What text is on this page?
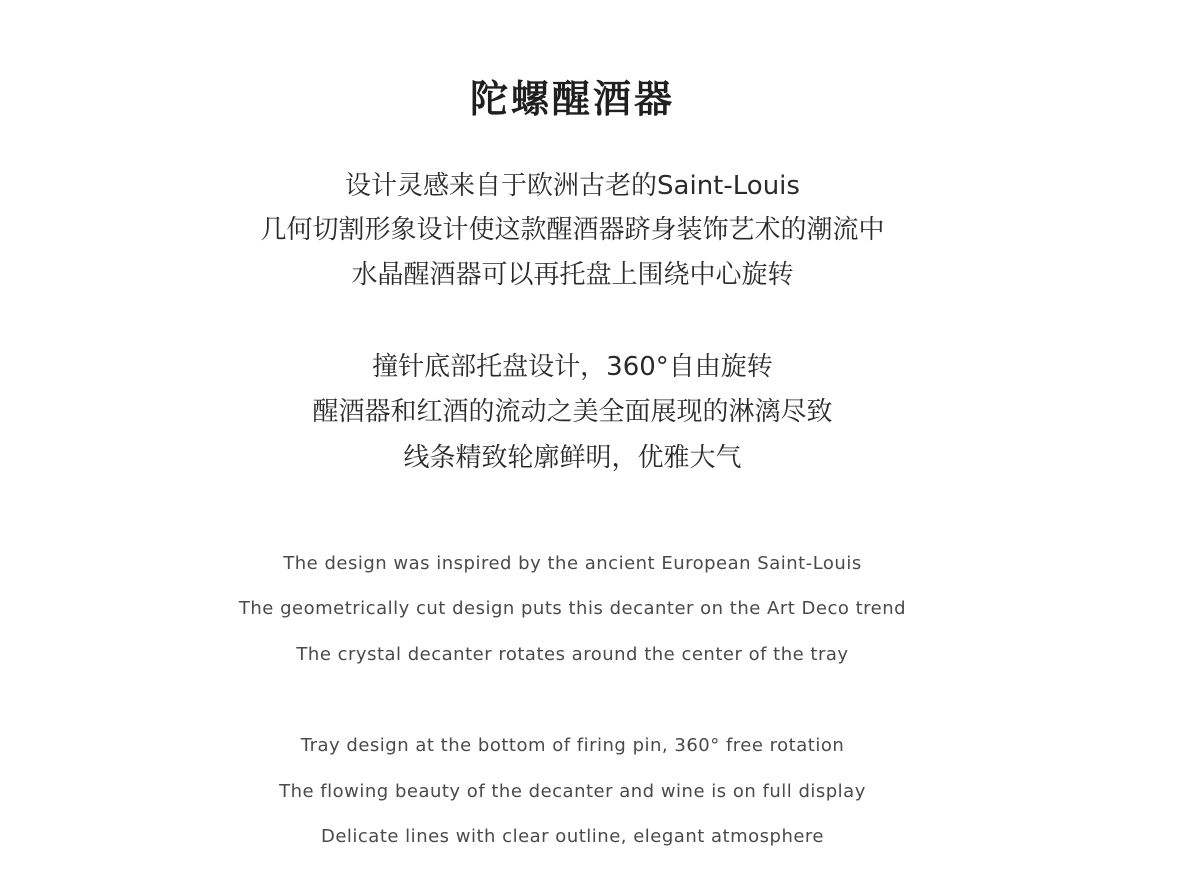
陀螺醒酒器
设计灵感来自于欧洲古老的Saint-Louis
几何切割形象设计使这款醒酒器跻身装饰艺术的潮流中
水晶醒酒器可以再托盘上围绕中心旋转
撞针底部托盘设计，360°自由旋转
醒酒器和红酒的流动之美全面展现的淋漓尽致
线条精致轮廓鲜明，优雅大气
The design was inspired by the ancient European Saint-Louis
The geometrically cut design puts this decanter on the Art Deco trend
The crystal decanter rotates around the center of the tray
Tray design at the bottom of firing pin, 360° free rotation
The flowing beauty of the decanter and wine is on full display
Delicate lines with clear outline, elegant atmosphere
